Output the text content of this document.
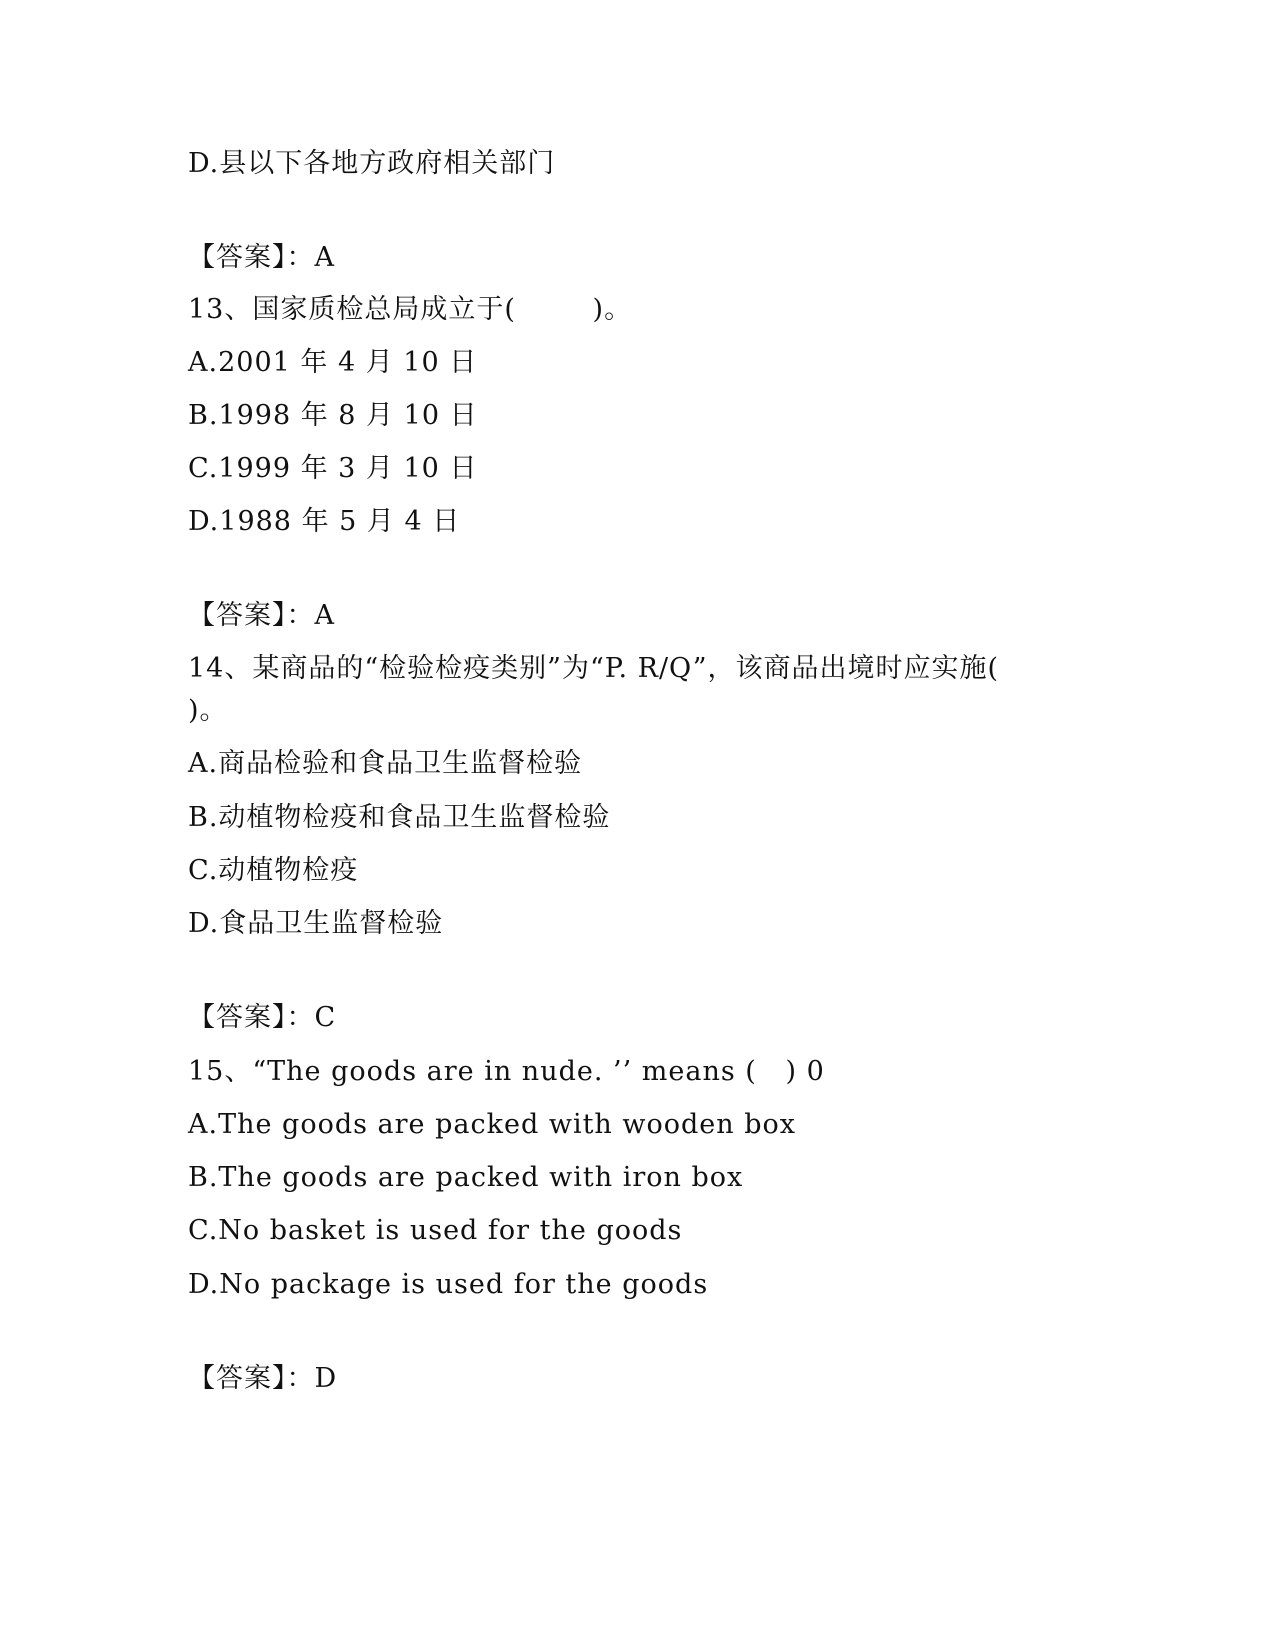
D.县以下各地方政府相关部门
【答案】：A
13、国家质检总局成立于(        )。
A.2001 年 4 月 10 日
B.1998 年 8 月 10 日
C.1999 年 3 月 10 日
D.1988 年 5 月 4 日
【答案】：A
14、某商品的“检验检疫类别”为“P. R/Q”，该商品出境时应实施(
)。
A.商品检验和食品卫生监督检验
B.动植物检疫和食品卫生监督检验
C.动植物检疫
D.食品卫生监督检验
【答案】：C
15、“The goods are in nude. ’’ means (   ) 0
A.The goods are packed with wooden box
B.The goods are packed with iron box
C.No basket is used for the goods
D.No package is used for the goods
【答案】：D
